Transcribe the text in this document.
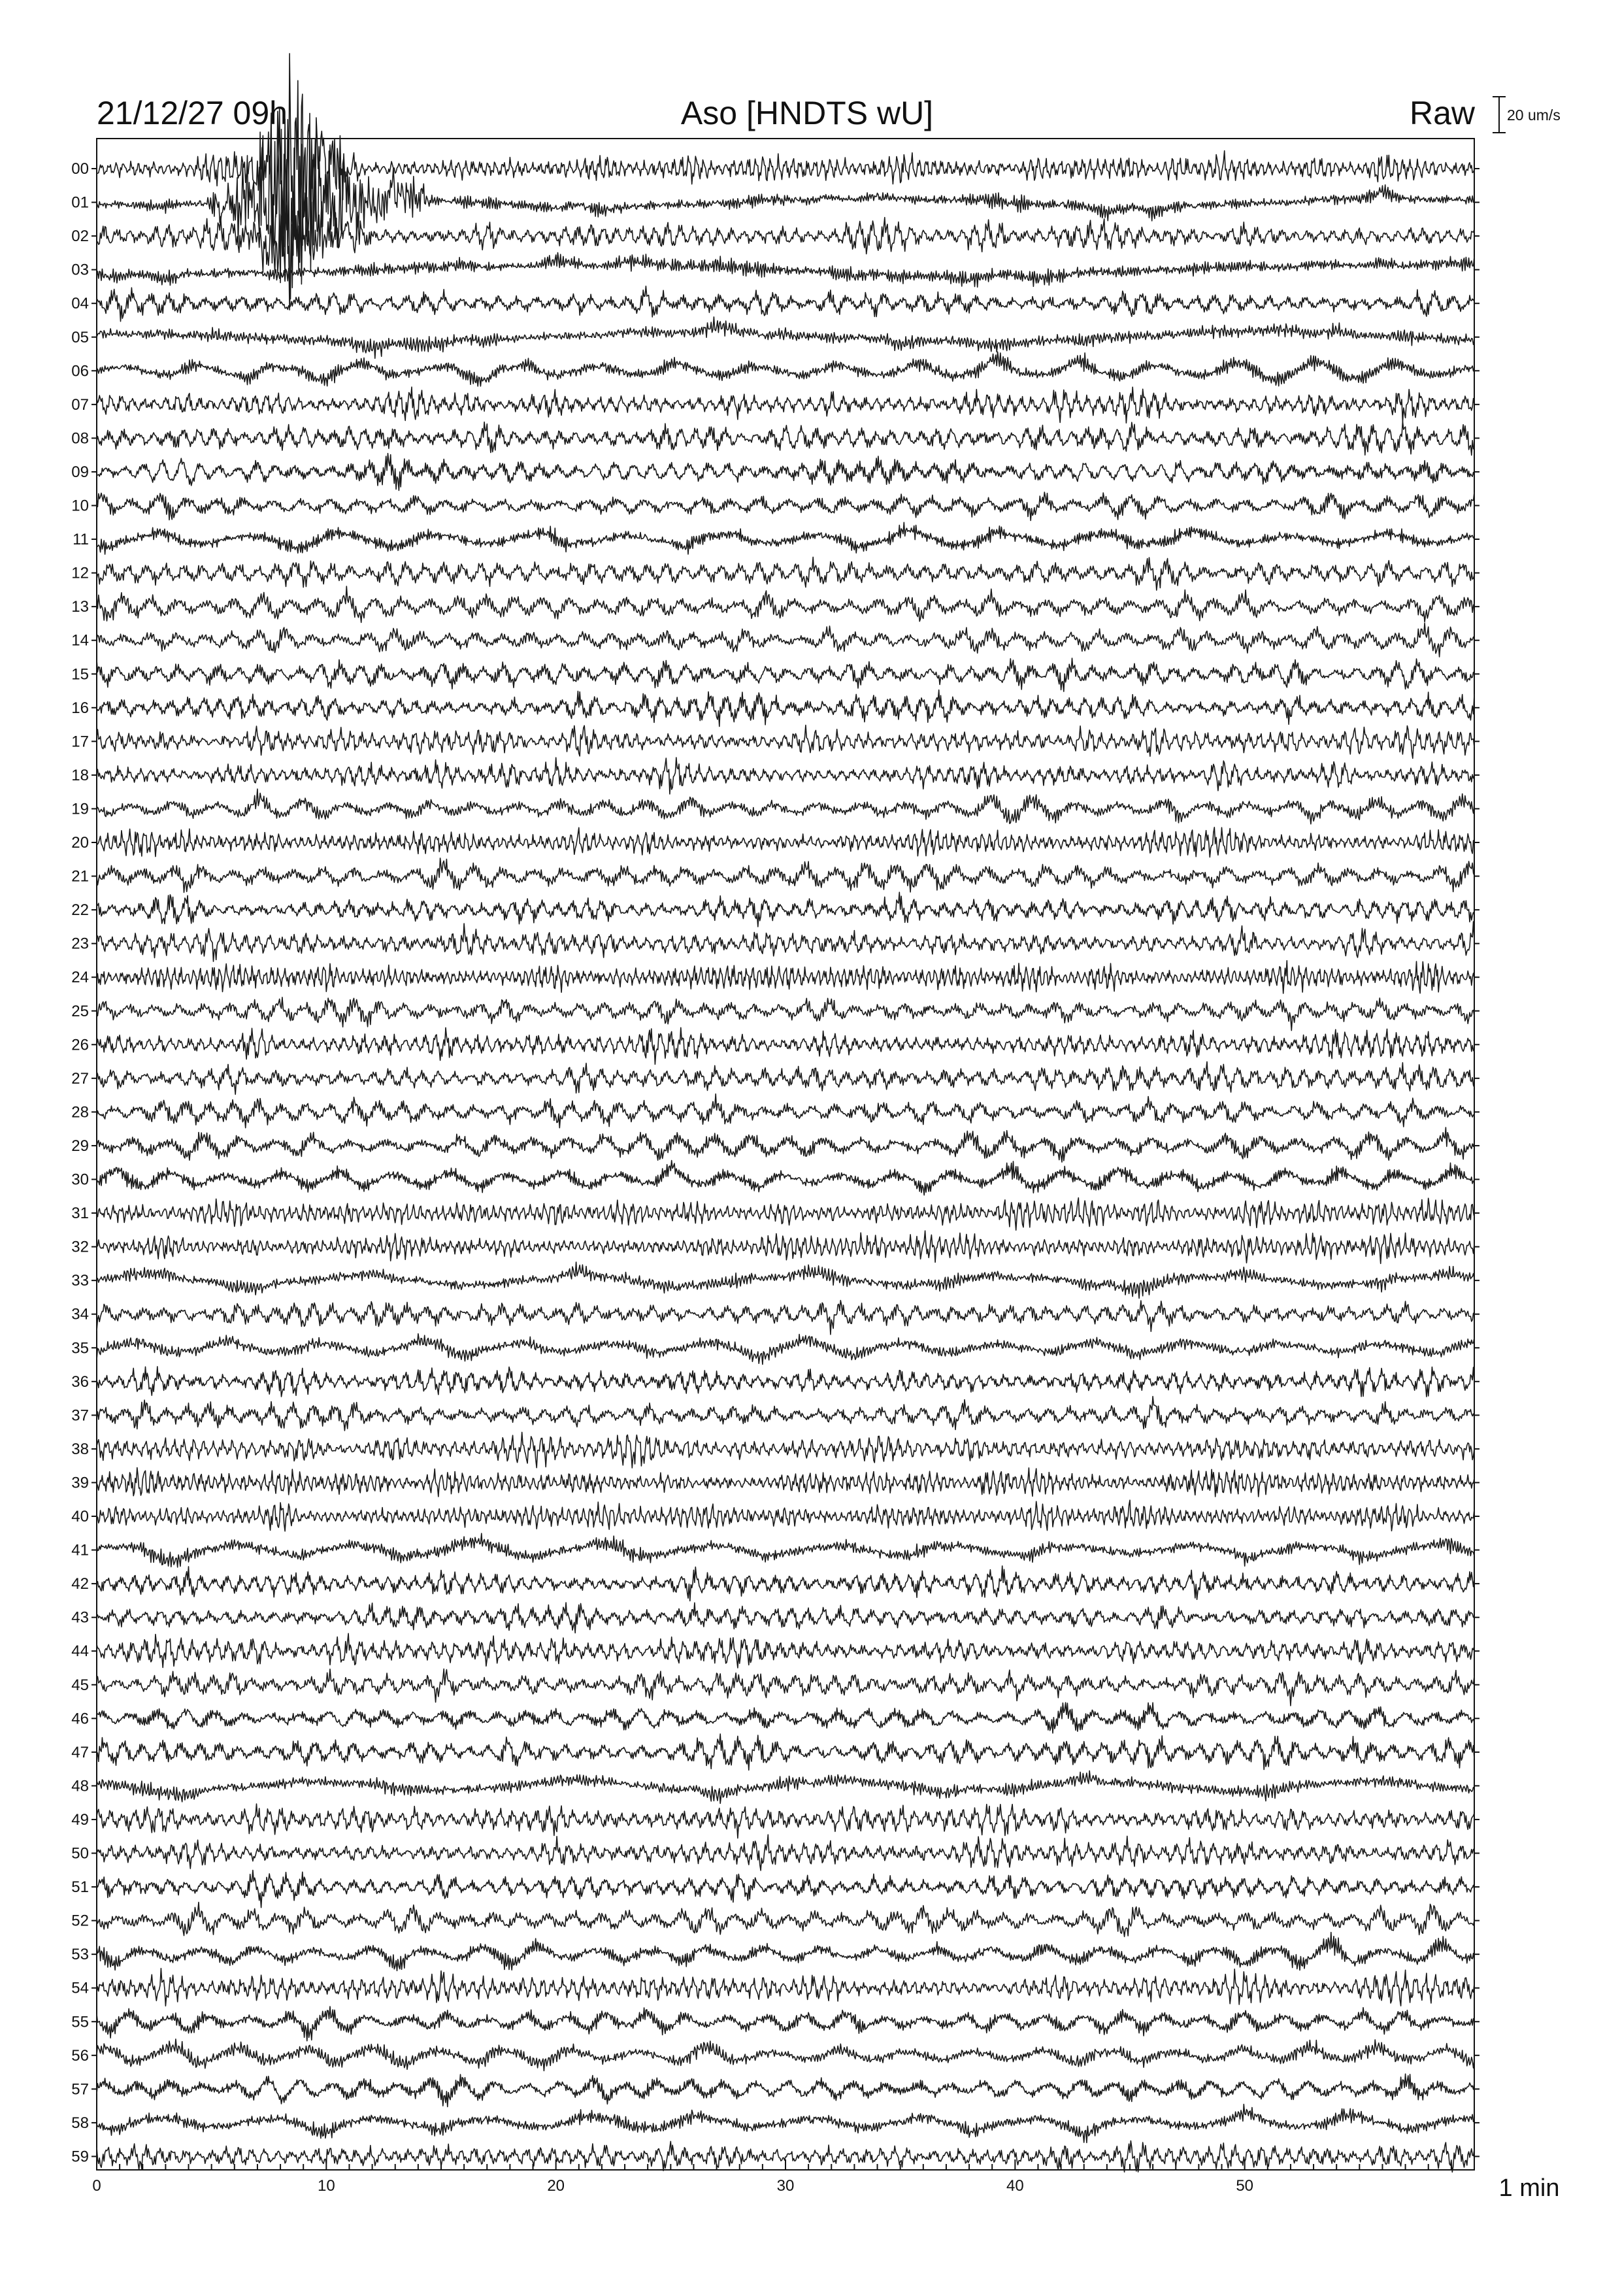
21/12/27 09h	Aso [HNDTS wU]	Raw 20 um/s
00
01
02
03
04
05
06
07
08
09
10
11
12
13
14
15
16
17
18
19
20
21
22
23
24
25
26
27
28
29
30
31
32
33
34
35
36
37
38
39
40
41
42
43
44
45
46
47
48
49
50
51
52
53
54
55
56
57
58
59
0	10	20	30	40	50	1 min
